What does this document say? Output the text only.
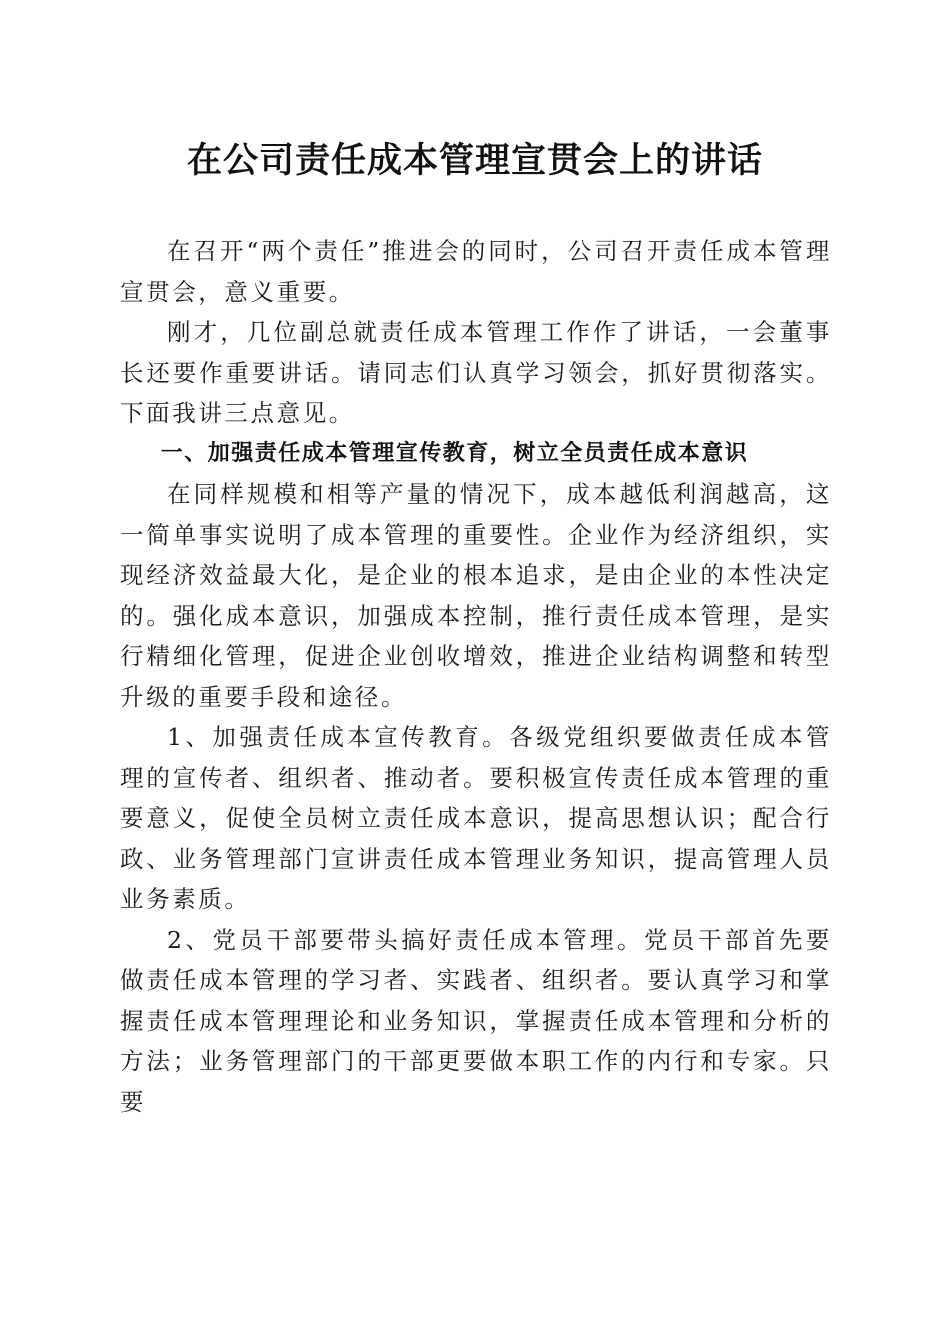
在公司责任成本管理宣贯会上的讲话

在召开“两个责任”推进会的同时，公司召开责任成本管理宣贯会，意义重要。

刚才，几位副总就责任成本管理工作作了讲话，一会董事长还要作重要讲话。请同志们认真学习领会，抓好贯彻落实。下面我讲三点意见。

一、加强责任成本管理宣传教育，树立全员责任成本意识

在同样规模和相等产量的情况下，成本越低利润越高，这一简单事实说明了成本管理的重要性。企业作为经济组织，实现经济效益最大化，是企业的根本追求，是由企业的本性决定的。强化成本意识，加强成本控制，推行责任成本管理，是实行精细化管理，促进企业创收增效，推进企业结构调整和转型升级的重要手段和途径。

1、加强责任成本宣传教育。各级党组织要做责任成本管理的宣传者、组织者、推动者。要积极宣传责任成本管理的重要意义，促使全员树立责任成本意识，提高思想认识；配合行政、业务管理部门宣讲责任成本管理业务知识，提高管理人员业务素质。

2、党员干部要带头搞好责任成本管理。党员干部首先要做责任成本管理的学习者、实践者、组织者。要认真学习和掌握责任成本管理理论和业务知识，掌握责任成本管理和分析的方法；业务管理部门的干部更要做本职工作的内行和专家。只要
